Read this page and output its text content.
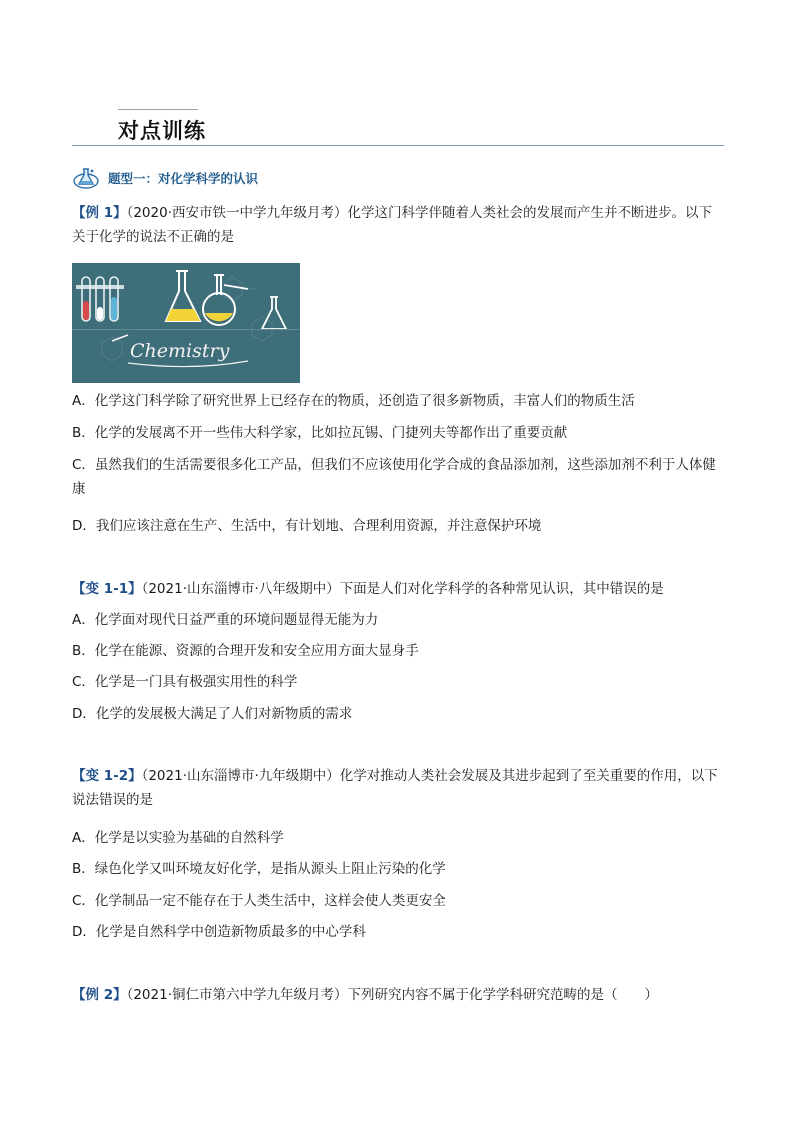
对点训练
题型一：对化学科学的认识
【例 1】（2020·西安市铁一中学九年级月考）化学这门科学伴随着人类社会的发展而产生并不断进步。以下关于化学的说法不正确的是
Chemistry
A．化学这门科学除了研究世界上已经存在的物质，还创造了很多新物质，丰富人们的物质生活
B．化学的发展离不开一些伟大科学家，比如拉瓦锡、门捷列夫等都作出了重要贡献
C．虽然我们的生活需要很多化工产品，但我们不应该使用化学合成的食品添加剂，这些添加剂不利于人体健康
D．我们应该注意在生产、生活中，有计划地、合理利用资源，并注意保护环境
【变 1-1】（2021·山东淄博市·八年级期中）下面是人们对化学科学的各种常见认识，其中错误的是
A．化学面对现代日益严重的环境问题显得无能为力
B．化学在能源、资源的合理开发和安全应用方面大显身手
C．化学是一门具有极强实用性的科学
D．化学的发展极大满足了人们对新物质的需求
【变 1-2】（2021·山东淄博市·九年级期中）化学对推动人类社会发展及其进步起到了至关重要的作用，以下说法错误的是
A．化学是以实验为基础的自然科学
B．绿色化学又叫环境友好化学，是指从源头上阻止污染的化学
C．化学制品一定不能存在于人类生活中，这样会使人类更安全
D．化学是自然科学中创造新物质最多的中心学科
【例 2】（2021·铜仁市第六中学九年级月考）下列研究内容不属于化学学科研究范畴的是（　　）
